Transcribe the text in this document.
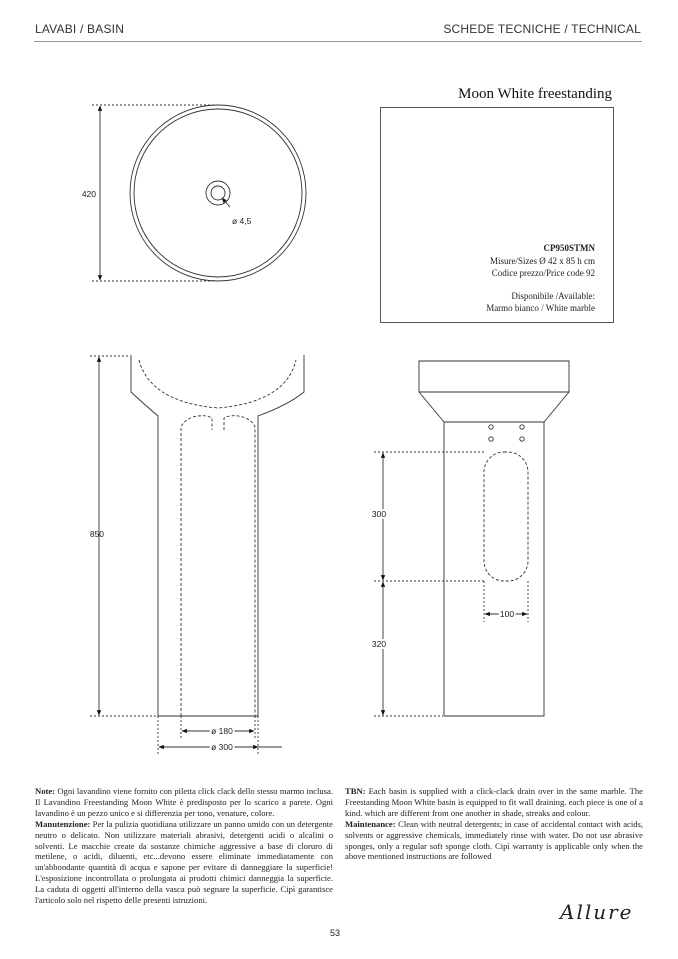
LAVABI / BASIN	SCHEDE TECNICHE / TECHNICAL
Moon White freestanding
CP950STMN
Misure/Sizes Ø 42 x 85 h cm
Codice prezzo/Price code 92
Disponibile /Available:
Marmo bianco / White marble
420
ø 4,5
850
ø 180
ø 300
300
320
100

Note: Ogni lavandino viene fornito con piletta click clack dello stesso marmo inclusa. Il Lavandino Freestanding Moon White è predisposto per lo scarico a parete. Ogni lavandino è un pezzo unico e si differenzia per tono, venature, colore.

Manutenzione: Per la pulizia quotidiana utilizzare un panno umido con un detergente neutro o delicato. Non utilizzare materiali abrasivi, detergenti acidi o alcalini o solventi. Le macchie create da sostanze chimiche aggressive a base di cloruro di metilene, o acidi, diluenti, etc...devono essere eliminate immediatamente con un'abbondante quantità di acqua e sapone per evitare di danneggiare la superficie! L'esposizione incontrollata o prolungata ai prodotti chimici danneggia la superficie. La caduta di oggetti all'interno della vasca può segnare la superficie. Cipì garantisce l'articolo solo nel rispetto delle presenti istruzioni.

TBN: Each basin is supplied with a click-clack drain over in the same marble. The Freestanding Moon White basin is equipped to fit wall draining. each piece is one of a kind. which are different from one another in shade, streaks and colour.

Maintenance: Clean with neutral detergents; in case of accidental contact with acids, solvents or aggressive chemicals, immediately rinse with water. Do not use abrasive sponges, only a regular soft sponge cloth. Cipì warranty is applicable only when the above mentioned instructions are followed

Allure
53
